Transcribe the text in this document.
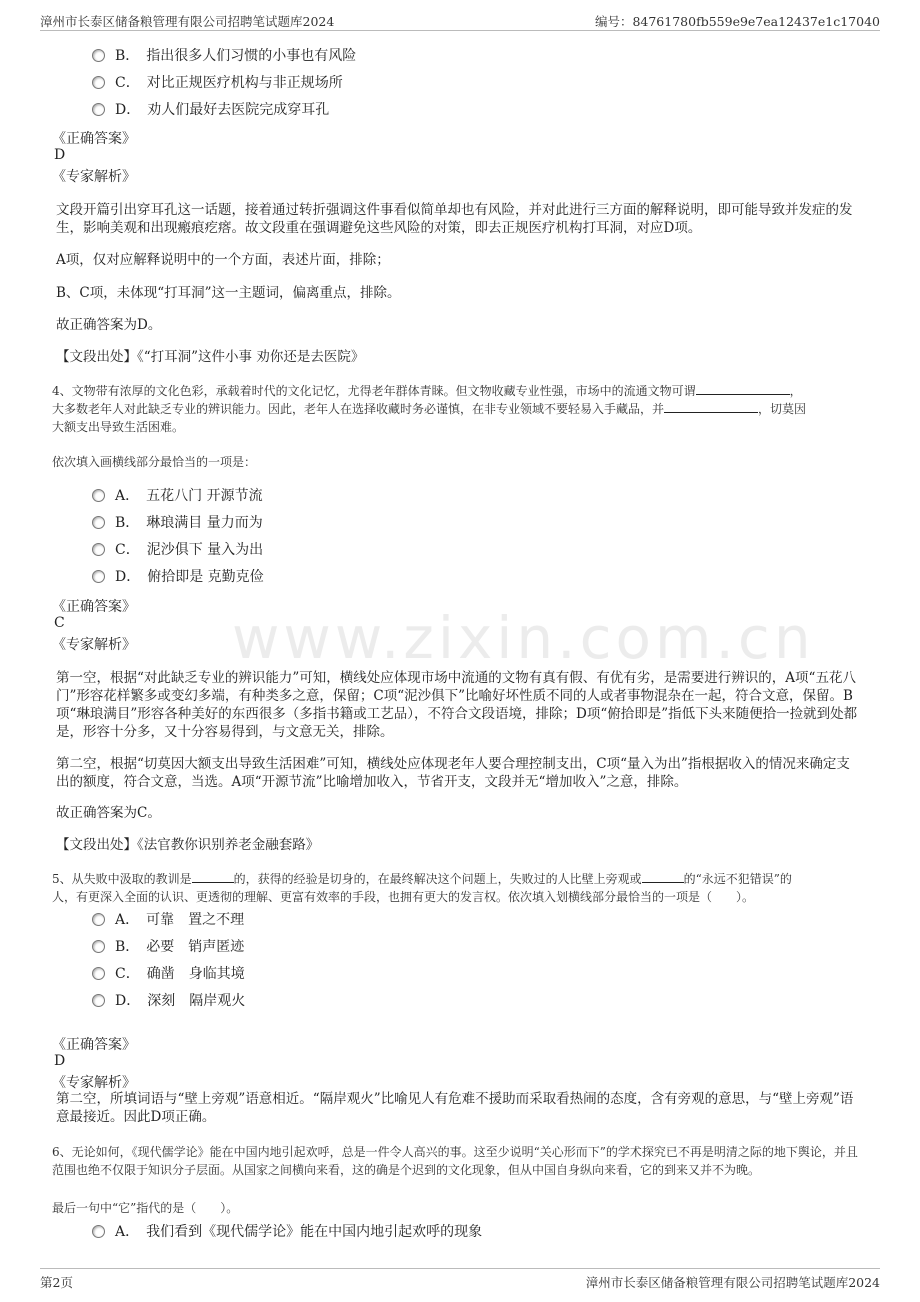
漳州市长泰区储备粮管理有限公司招聘笔试题库2024	编号：84761780fb559e9e7ea12437e1c17040
www.zixin.com.cn
B．　 指出很多人们习惯的小事也有风险
C．　 对比正规医疗机构与非正规场所
D．　 劝人们最好去医院完成穿耳孔
《正确答案》
D
《专家解析》
文段开篇引出穿耳孔这一话题，接着通过转折强调这件事看似简单却也有风险，并对此进行三方面的解释说明，即可能导致并发症的发生，影响美观和出现瘢痕疙瘩。故文段重在强调避免这些风险的对策，即去正规医疗机构打耳洞，对应D项。
A项，仅对应解释说明中的一个方面，表述片面，排除；
B、C项，未体现“打耳洞”这一主题词，偏离重点，排除。
故正确答案为D。
【文段出处】《“打耳洞”这件小事 劝你还是去医院》
4、文物带有浓厚的文化色彩，承载着时代的文化记忆，尤得老年群体青睐。但文物收藏专业性强，市场中的流通文物可谓	，
大多数老年人对此缺乏专业的辨识能力。因此，老年人在选择收藏时务必谨慎，在非专业领域不要轻易入手藏品，并	，切莫因
大额支出导致生活困难。
依次填入画横线部分最恰当的一项是：
A．　 五花八门 开源节流
B．　 琳琅满目 量力而为
C．　 泥沙俱下 量入为出
D．　 俯拾即是 克勤克俭
《正确答案》
C
《专家解析》
第一空，根据“对此缺乏专业的辨识能力”可知，横线处应体现市场中流通的文物有真有假、有优有劣，是需要进行辨识的，A项“五花八门”形容花样繁多或变幻多端，有种类多之意，保留；C项“泥沙俱下”比喻好坏性质不同的人或者事物混杂在一起，符合文意，保留。B项“琳琅满目”形容各种美好的东西很多（多指书籍或工艺品），不符合文段语境，排除；D项“俯拾即是”指低下头来随便拾一捡就到处都是，形容十分多，又十分容易得到，与文意无关，排除。
第二空，根据“切莫因大额支出导致生活困难”可知，横线处应体现老年人要合理控制支出，C项“量入为出”指根据收入的情况来确定支出的额度，符合文意，当选。A项“开源节流”比喻增加收入，节省开支，文段并无“增加收入”之意，排除。
故正确答案为C。
【文段出处】《法官教你识别养老金融套路》
5、从失败中汲取的教训是	的，获得的经验是切身的，在最终解决这个问题上，失败过的人比壁上旁观或	的“永远不犯错误”的
人，有更深入全面的认识、更透彻的理解、更富有效率的手段，也拥有更大的发言权。依次填入划横线部分最恰当的一项是（　　）。
A．　 可靠　置之不理
B．　 必要　销声匿迹
C．　 确凿　身临其境
D．　 深刻　隔岸观火
《正确答案》
D
《专家解析》
第二空，所填词语与“壁上旁观”语意相近。“隔岸观火”比喻见人有危难不援助而采取看热闹的态度，含有旁观的意思，与“壁上旁观”语意最接近。因此D项正确。
6、无论如何，《现代儒学论》能在中国内地引起欢呼，总是一件令人高兴的事。这至少说明“关心形而下”的学术探究已不再是明清之际的地下舆论，并且范围也绝不仅限于知识分子层面。从国家之间横向来看，这的确是个迟到的文化现象，但从中国自身纵向来看，它的到来又并不为晚。
最后一句中“它”指代的是（　　）。
A．　 我们看到《现代儒学论》能在中国内地引起欢呼的现象
第2页	漳州市长泰区储备粮管理有限公司招聘笔试题库2024
